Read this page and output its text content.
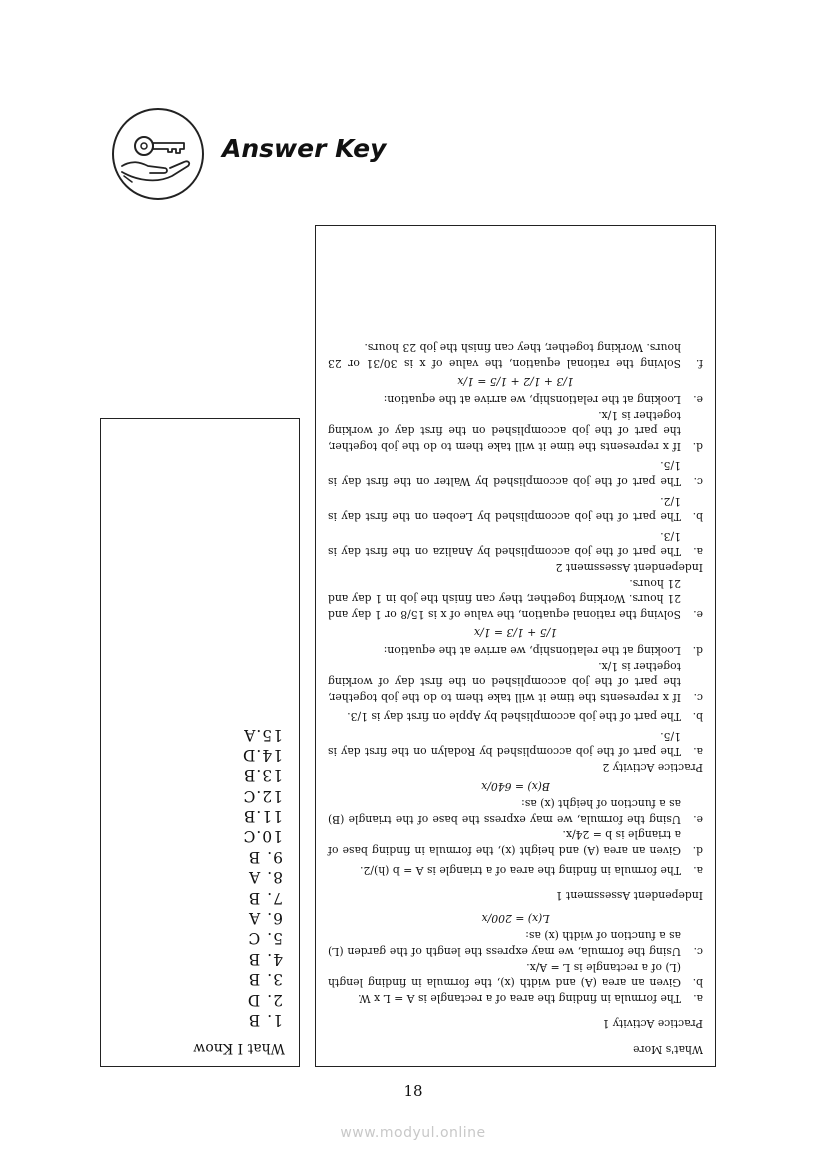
Answer Key
What I Know
1. B
2. D
3. B
4. B
5. C
6. A
7. B
8. A
9. B
10.C
11.B
12.C
13.B
14.D
15.A

What's More

Practice Activity 1

a.
The formula in finding the area of a rectangle is A = L x W.
b.
Given an area (A) and width (x), the formula in finding length (L) of a rectangle is L = A/x.
c.
Using the formula, we may express the length of the garden (L) as a function of width (x) as:
L(x) = 200/x

Independent Assessment 1

a.
The formula in finding the area of a triangle is A = b (h)/2.
d.
Given an area (A) and height (x), the formula in finding base of a triangle is b = 24/x.
e.
Using the formula, we may express the base of the triangle (B) as a function of height (x) as:
B(x) = 640/x

Practice Activity 2

a.
The part of the job accomplished by Rodalyn on the first day is 1/5.
b.
The part of the job accomplished by Apple on first day is 1/3.
c.
If x represents the time it will take them to do the job together, the part of the job accomplished on the first day of working together is 1/x.
d.
Looking at the relationship, we arrive at the equation:
1/5 + 1/3 = 1/x
e.
Solving the rational equation, the value of x is 15/8 or 1 day and 21 hours. Working together, they can finish the job in 1 day and 21 hours.

Independent Assessment 2

a.
The part of the job accomplished by Analiza on the first day is 1/3.
b.
The part of the job accomplished by Leoben on the first day is 1/2.
c.
The part of the job accomplished by Walter on the first day is 1/5.
d.
If x represents the time it will take them to do the job together, the part of the job accomplished on the first day of working together is 1/x.
e.
Looking at the relationship, we arrive at the equation:
1/3 + 1/2 + 1/5 = 1/x
f.
Solving the rational equation, the value of x is 30/31 or 23 hours. Working together, they can finish the job 23 hours.
18
www.modyul.online
